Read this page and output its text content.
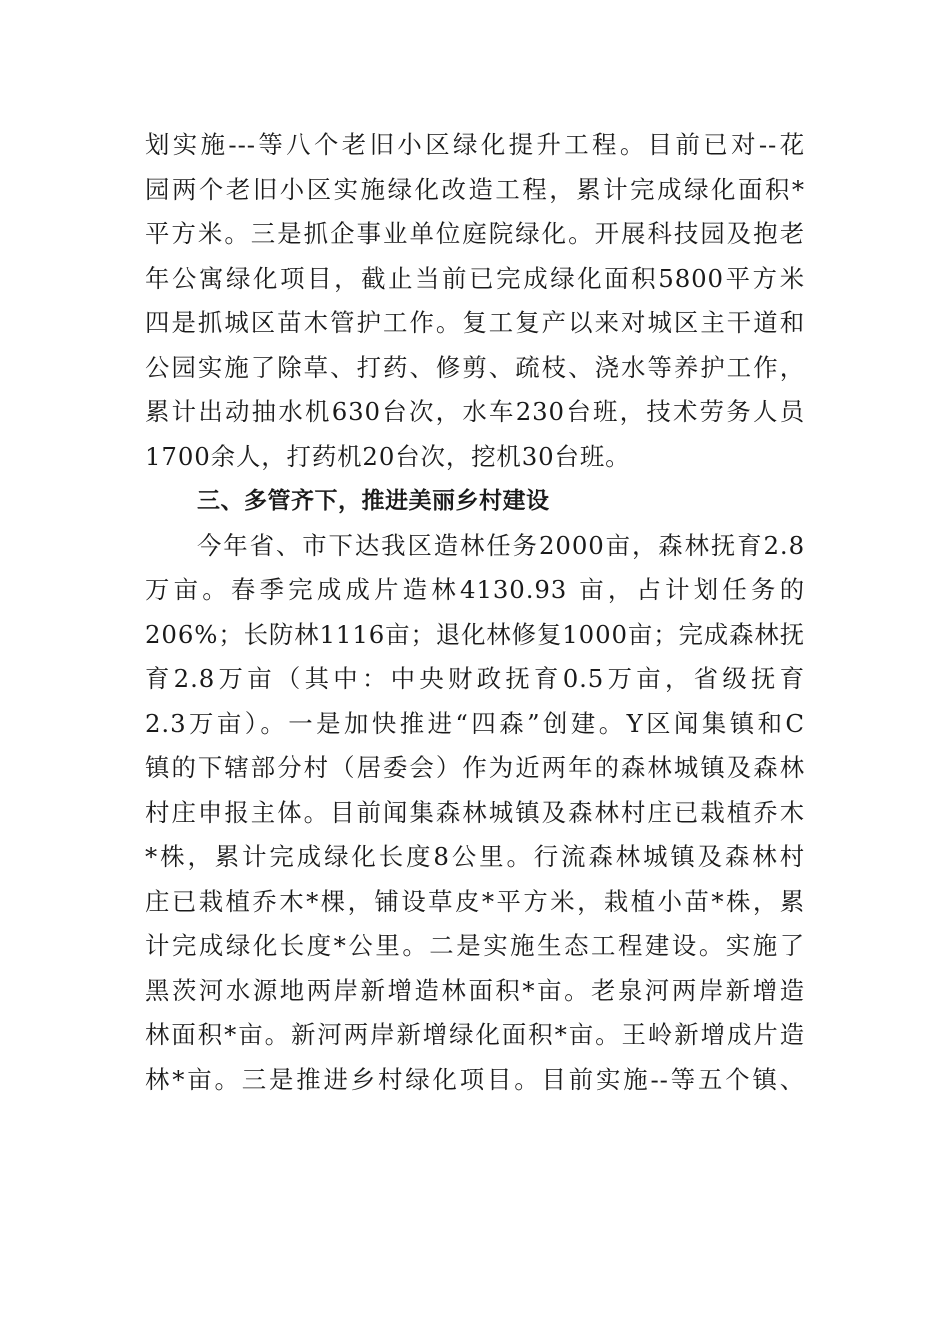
划实施---等八个老旧小区绿化提升工程。目前已对--花
园两个老旧小区实施绿化改造工程，累计完成绿化面积*
平方米。三是抓企事业单位庭院绿化。开展科技园及抱老
年公寓绿化项目，截止当前已完成绿化面积5800平方米
四是抓城区苗木管护工作。复工复产以来对城区主干道和
公园实施了除草、打药、修剪、疏枝、浇水等养护工作，
累计出动抽水机630台次，水车230台班，技术劳务人员
1700余人，打药机20台次，挖机30台班。
三、多管齐下，推进美丽乡村建设
今年省、市下达我区造林任务2000亩，森林抚育2.8
万亩。春季完成成片造林4130.93 亩，占计划任务的
206%；长防林1116亩；退化林修复1000亩；完成森林抚
育2.8万亩（其中：中央财政抚育0.5万亩，省级抚育
2.3万亩）。一是加快推进“四森”创建。Y区闻集镇和C
镇的下辖部分村（居委会）作为近两年的森林城镇及森林
村庄申报主体。目前闻集森林城镇及森林村庄已栽植乔木
*株，累计完成绿化长度8公里。行流森林城镇及森林村
庄已栽植乔木*棵，铺设草皮*平方米，栽植小苗*株，累
计完成绿化长度*公里。二是实施生态工程建设。实施了
黑茨河水源地两岸新增造林面积*亩。老泉河两岸新增造
林面积*亩。新河两岸新增绿化面积*亩。王岭新增成片造
林*亩。三是推进乡村绿化项目。目前实施--等五个镇、
